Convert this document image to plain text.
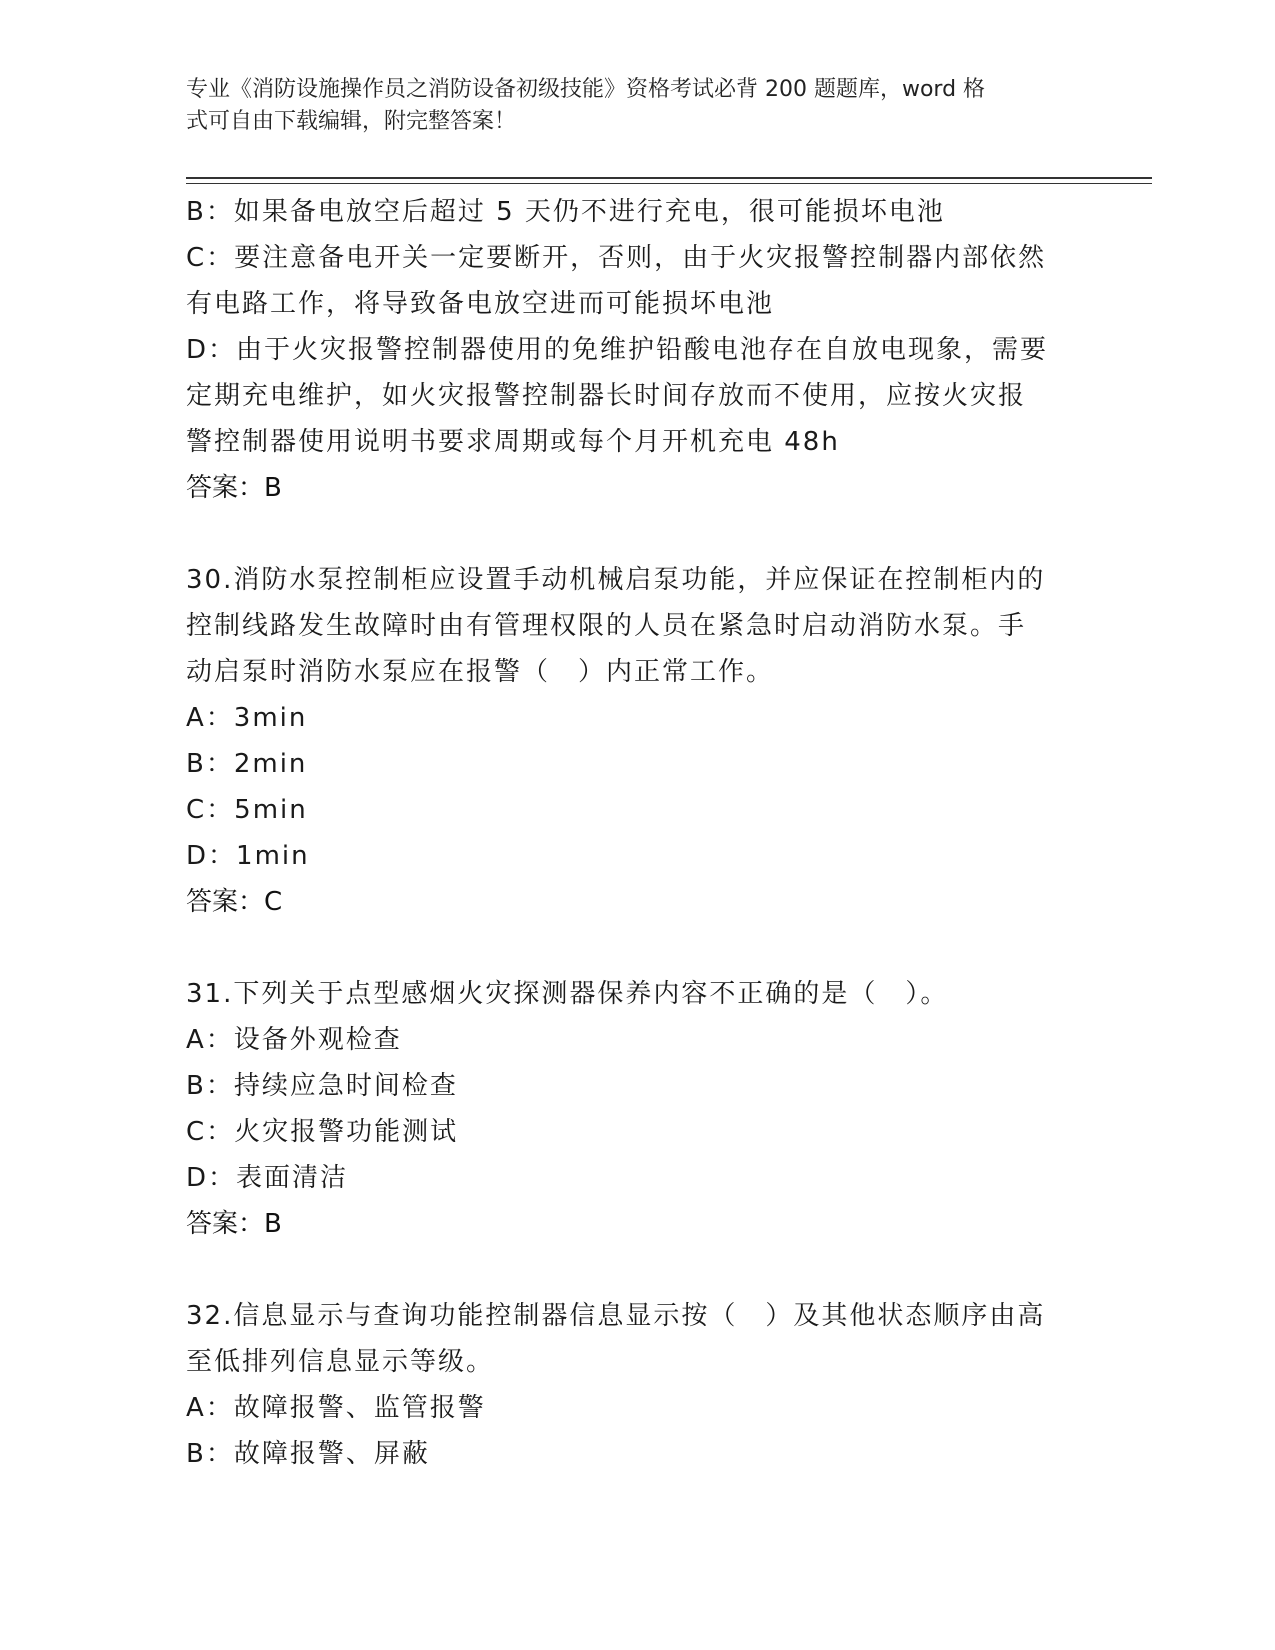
专业《消防设施操作员之消防设备初级技能》资格考试必背 200 题题库，word 格
式可自由下载编辑，附完整答案！
B：如果备电放空后超过 5 天仍不进行充电，很可能损坏电池
C：要注意备电开关一定要断开，否则，由于火灾报警控制器内部依然
有电路工作，将导致备电放空进而可能损坏电池
D：由于火灾报警控制器使用的免维护铅酸电池存在自放电现象，需要
定期充电维护，如火灾报警控制器长时间存放而不使用，应按火灾报
警控制器使用说明书要求周期或每个月开机充电 48h
答案：B
30.消防水泵控制柜应设置手动机械启泵功能，并应保证在控制柜内的
控制线路发生故障时由有管理权限的人员在紧急时启动消防水泵。手
动启泵时消防水泵应在报警（　）内正常工作。
A：3min
B：2min
C：5min
D：1min
答案：C
31.下列关于点型感烟火灾探测器保养内容不正确的是（　）。
A：设备外观检查
B：持续应急时间检查
C：火灾报警功能测试
D：表面清洁
答案：B
32.信息显示与查询功能控制器信息显示按（　）及其他状态顺序由高
至低排列信息显示等级。
A：故障报警、监管报警
B：故障报警、屏蔽
